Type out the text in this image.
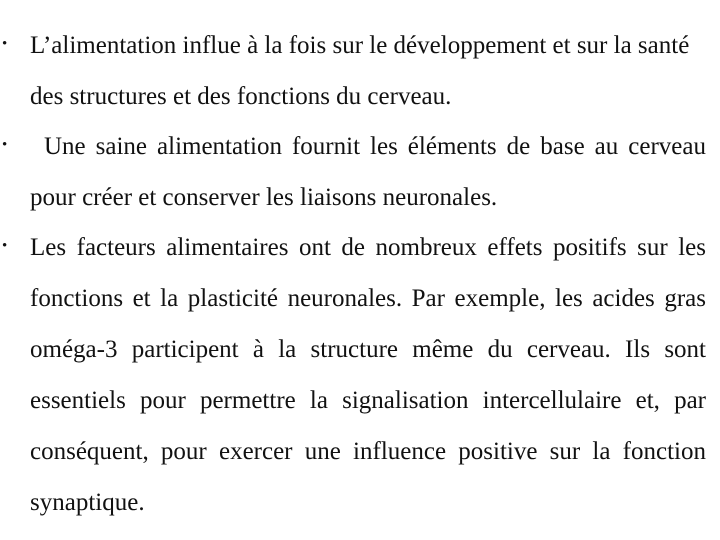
• L’alimentation influe à la fois sur le développement et sur la santé des structures et des fonctions du cerveau.

•	Une saine alimentation fournit les éléments de base au cerveau pour créer et conserver les liaisons neuronales.

• Les facteurs alimentaires ont de nombreux effets positifs sur les fonctions et la plasticité neuronales. Par exemple, les acides gras oméga-3 participent à la structure même du cerveau. Ils sont essentiels pour permettre la signalisation intercellulaire et, par conséquent, pour exercer une influence positive sur la fonction synaptique.
